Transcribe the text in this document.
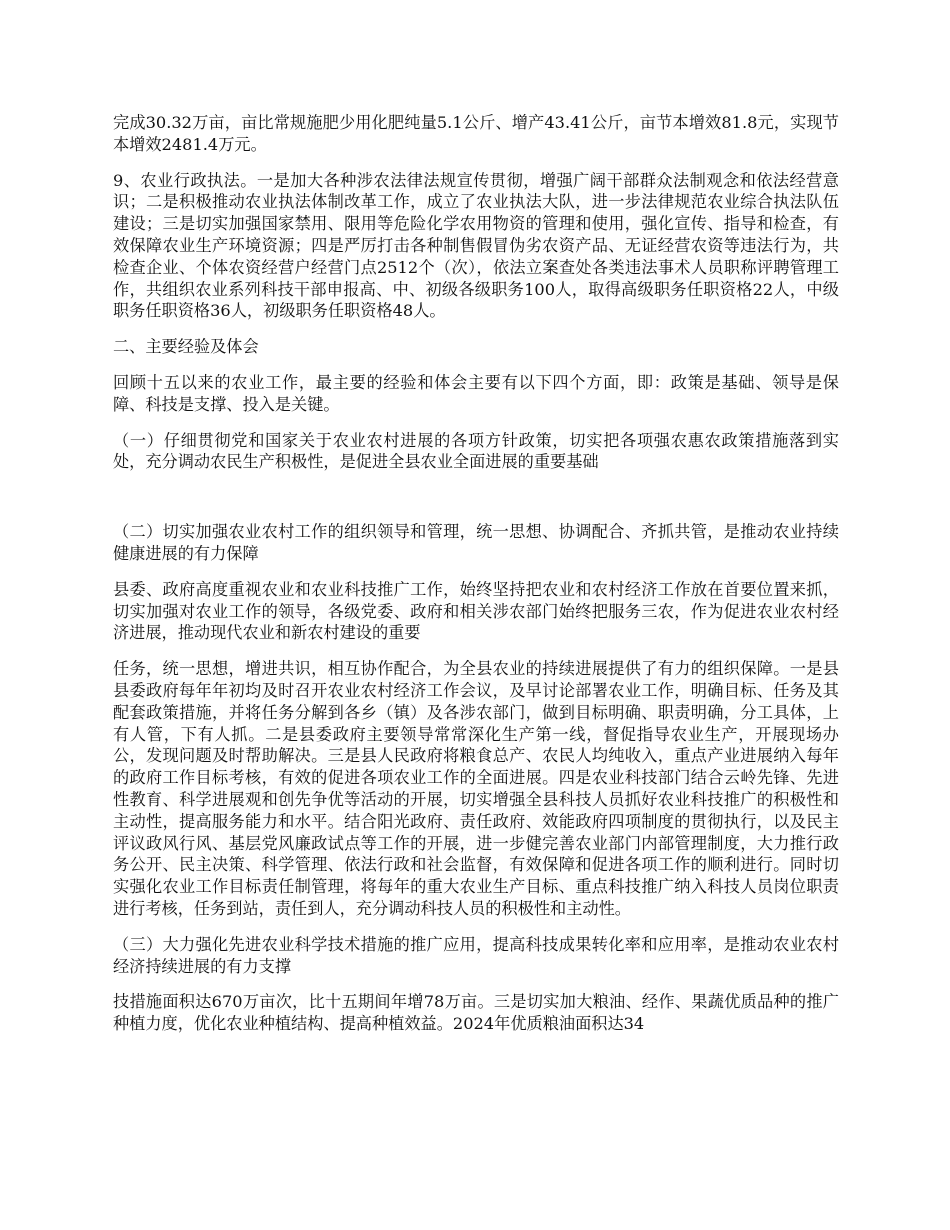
完成30.32万亩，亩比常规施肥少用化肥纯量5.1公斤、增产43.41公斤，亩节本增效81.8元，实现节本增效2481.4万元。

9、农业行政执法。一是加大各种涉农法律法规宣传贯彻，增强广阔干部群众法制观念和依法经营意识；二是积极推动农业执法体制改革工作，成立了农业执法大队，进一步法律规范农业综合执法队伍建设；三是切实加强国家禁用、限用等危险化学农用物资的管理和使用，强化宣传、指导和检查，有效保障农业生产环境资源；四是严厉打击各种制售假冒伪劣农资产品、无证经营农资等违法行为，共检查企业、个体农资经营户经营门点2512个（次），依法立案查处各类违法事术人员职称评聘管理工作，共组织农业系列科技干部申报高、中、初级各级职务100人，取得高级职务任职资格22人，中级职务任职资格36人，初级职务任职资格48人。

二、主要经验及体会

回顾十五以来的农业工作，最主要的经验和体会主要有以下四个方面，即：政策是基础、领导是保障、科技是支撑、投入是关键。

（一）仔细贯彻党和国家关于农业农村进展的各项方针政策，切实把各项强农惠农政策措施落到实处，充分调动农民生产积极性，是促进全县农业全面进展的重要基础

（二）切实加强农业农村工作的组织领导和管理，统一思想、协调配合、齐抓共管，是推动农业持续健康进展的有力保障

县委、政府高度重视农业和农业科技推广工作，始终坚持把农业和农村经济工作放在首要位置来抓，切实加强对农业工作的领导，各级党委、政府和相关涉农部门始终把服务三农，作为促进农业农村经济进展，推动现代农业和新农村建设的重要

任务，统一思想，增进共识，相互协作配合，为全县农业的持续进展提供了有力的组织保障。一是县县委政府每年年初均及时召开农业农村经济工作会议，及早讨论部署农业工作，明确目标、任务及其配套政策措施，并将任务分解到各乡（镇）及各涉农部门，做到目标明确、职责明确，分工具体，上有人管，下有人抓。二是县委政府主要领导常常深化生产第一线，督促指导农业生产，开展现场办公，发现问题及时帮助解决。三是县人民政府将粮食总产、农民人均纯收入，重点产业进展纳入每年的政府工作目标考核，有效的促进各项农业工作的全面进展。四是农业科技部门结合云岭先锋、先进性教育、科学进展观和创先争优等活动的开展，切实增强全县科技人员抓好农业科技推广的积极性和主动性，提高服务能力和水平。结合阳光政府、责任政府、效能政府四项制度的贯彻执行，以及民主评议政风行风、基层党风廉政试点等工作的开展，进一步健完善农业部门内部管理制度，大力推行政务公开、民主决策、科学管理、依法行政和社会监督，有效保障和促进各项工作的顺利进行。同时切实强化农业工作目标责任制管理，将每年的重大农业生产目标、重点科技推广纳入科技人员岗位职责进行考核，任务到站，责任到人，充分调动科技人员的积极性和主动性。

（三）大力强化先进农业科学技术措施的推广应用，提高科技成果转化率和应用率，是推动农业农村经济持续进展的有力支撑

技措施面积达670万亩次，比十五期间年增78万亩。三是切实加大粮油、经作、果蔬优质品种的推广种植力度，优化农业种植结构、提高种植效益。2024年优质粮油面积达34
